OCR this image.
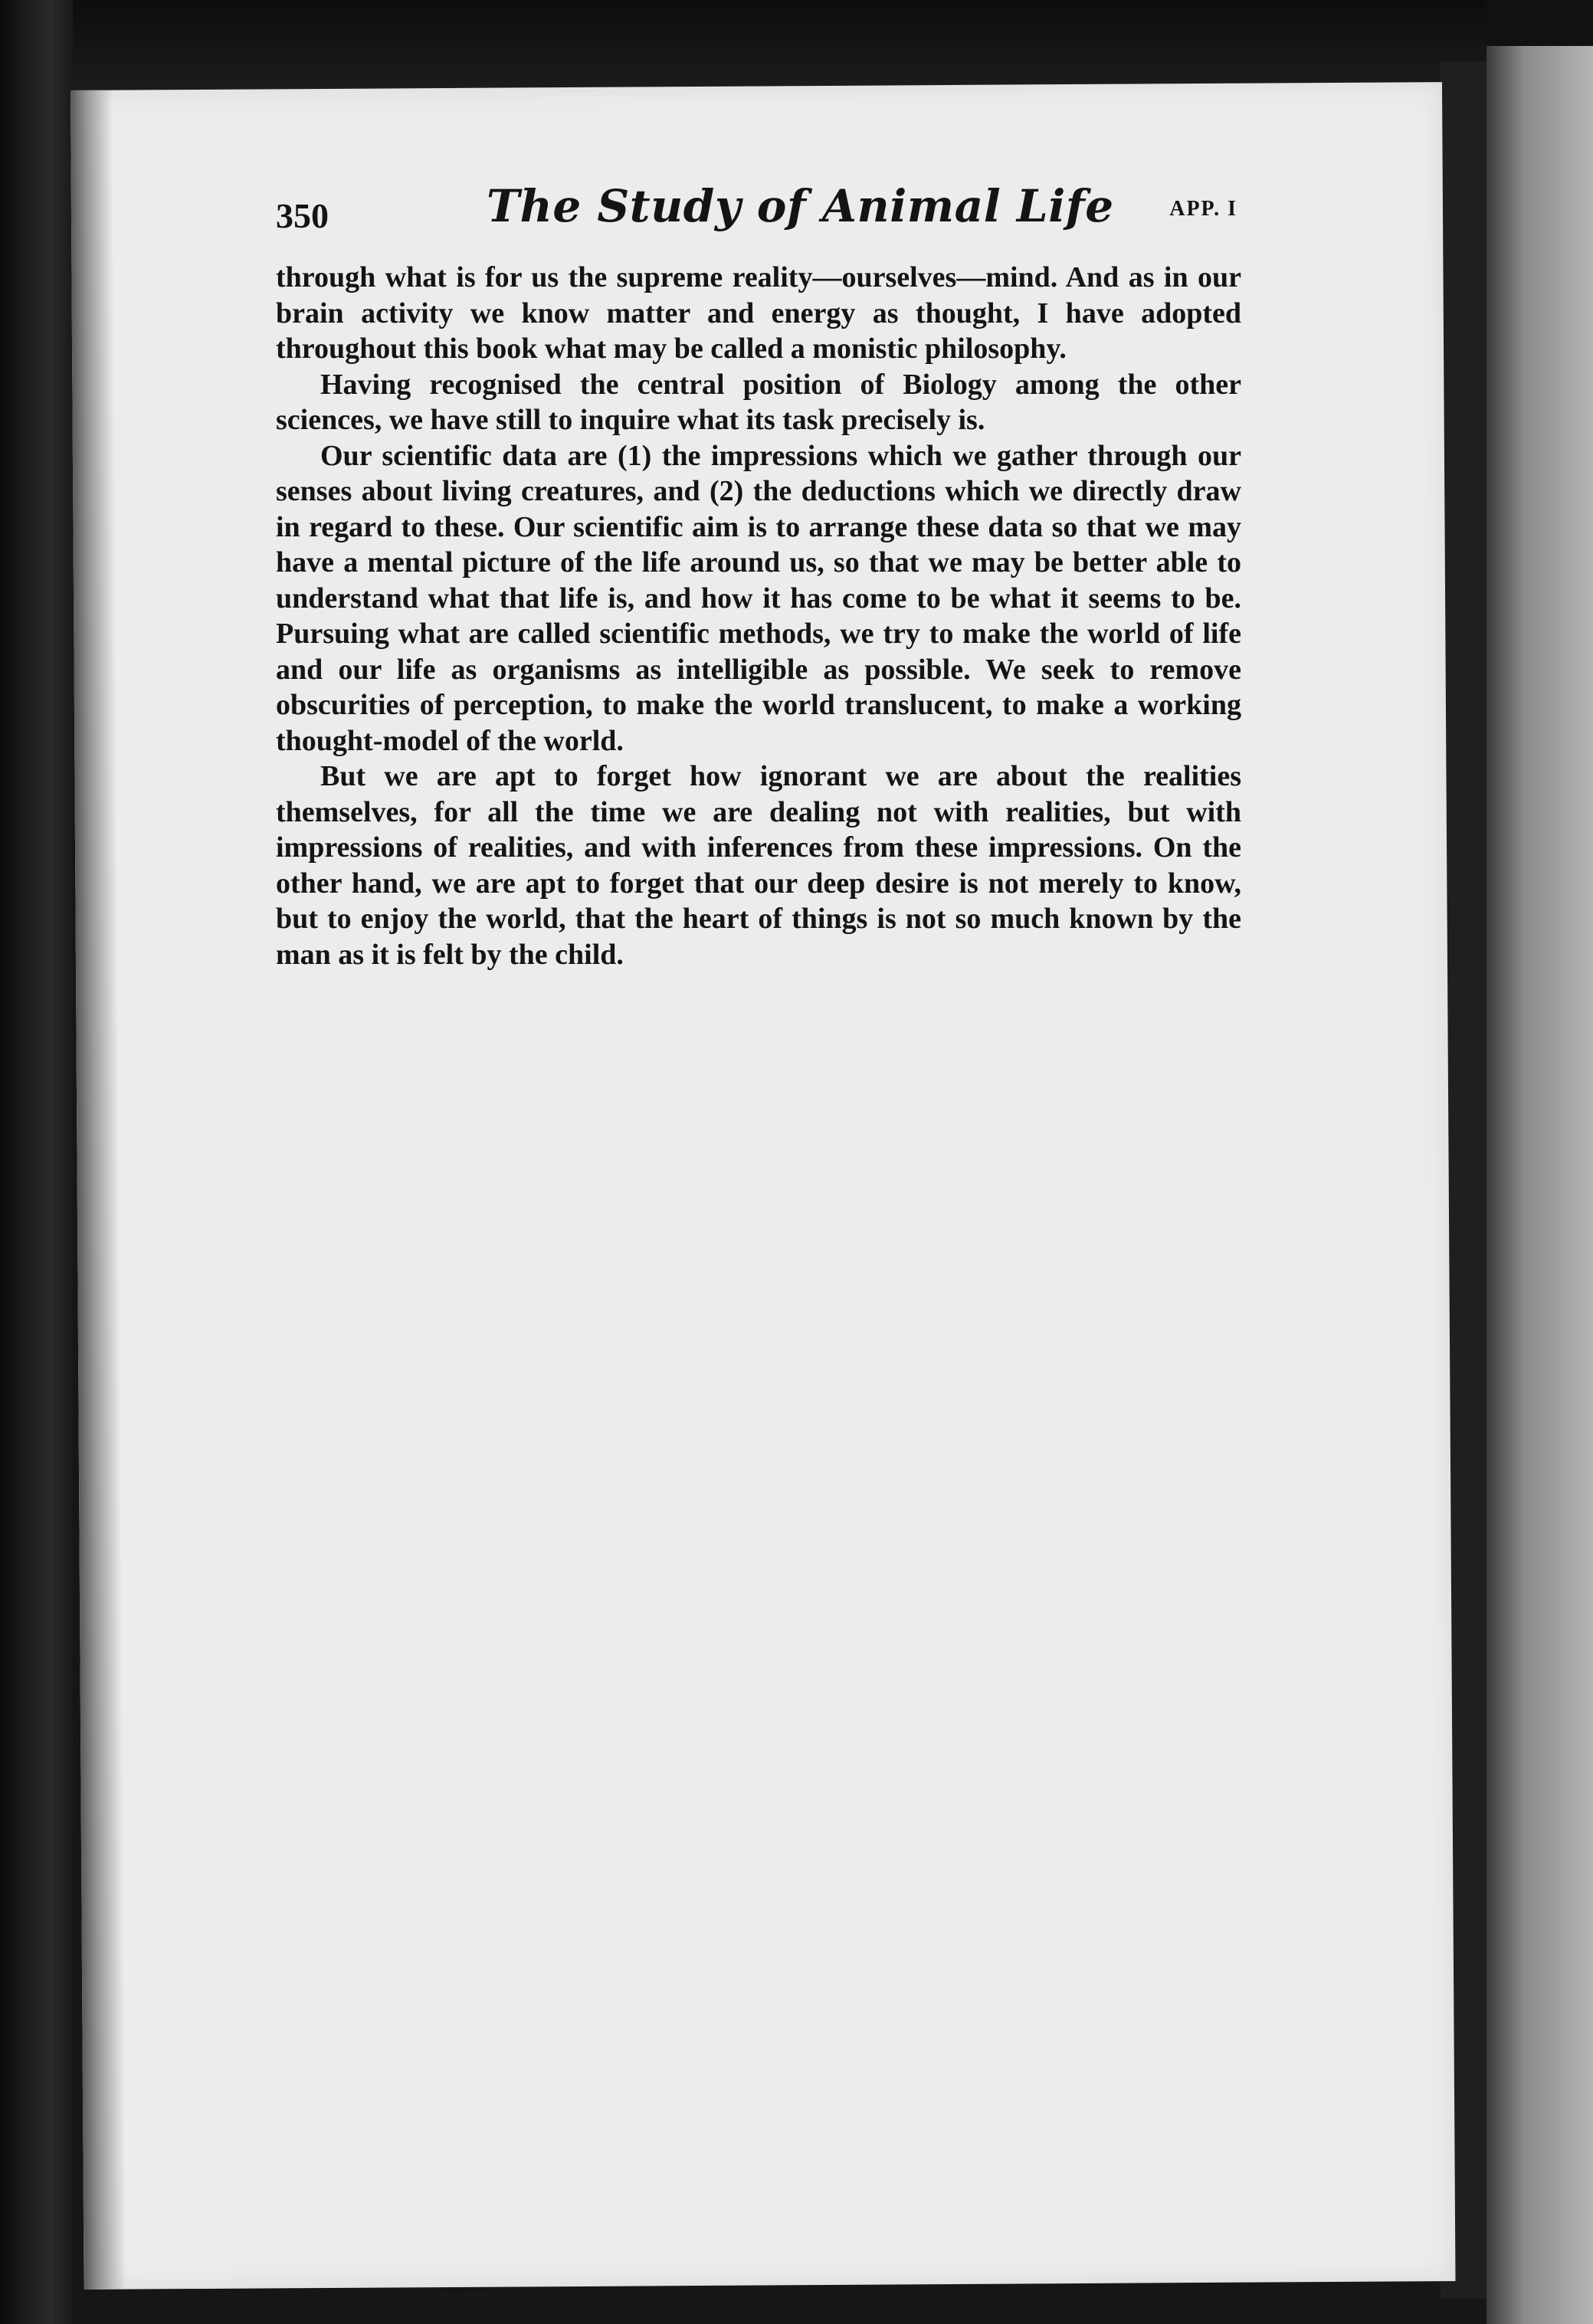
350	The Study of Animal Life	APP. I

through what is for us the supreme reality—ourselves—mind. And as in our brain activity we know matter and energy as thought, I have adopted throughout this book what may be called a monistic philosophy.

Having recognised the central position of Biology among the other sciences, we have still to inquire what its task precisely is.

Our scientific data are (1) the impressions which we gather through our senses about living creatures, and (2) the deductions which we directly draw in regard to these. Our scientific aim is to arrange these data so that we may have a mental picture of the life around us, so that we may be better able to understand what that life is, and how it has come to be what it seems to be. Pursuing what are called scientific methods, we try to make the world of life and our life as organisms as intelligible as possible. We seek to remove obscurities of perception, to make the world translucent, to make a working thought-model of the world.

But we are apt to forget how ignorant we are about the realities themselves, for all the time we are dealing not with realities, but with impressions of realities, and with inferences from these impressions. On the other hand, we are apt to forget that our deep desire is not merely to know, but to enjoy the world, that the heart of things is not so much known by the man as it is felt by the child.
